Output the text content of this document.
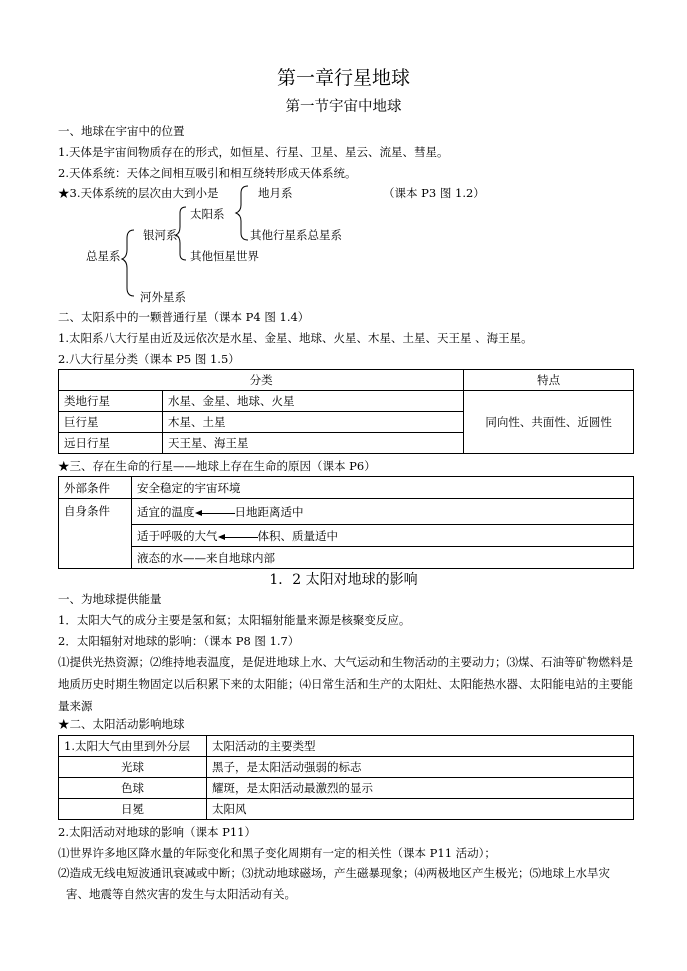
第一章行星地球
第一节宇宙中地球
一、地球在宇宙中的位置
1.天体是宇宙间物质存在的形式，如恒星、行星、卫星、星云、流星、彗星。
2.天体系统：天体之间相互吸引和相互绕转形成天体系统。
★3.天体系统的层次由大到小是	地月系	（课本 P3 图 1.2）
太阳系
银河系	其他行星系总星系
其他恒星世界
总星系
河外星系
二、太阳系中的一颗普通行星（课本 P4 图 1.4）
1.太阳系八大行星由近及远依次是水星、金星、地球、火星、木星、土星、天王星 、海王星。
2.八大行星分类（课本 P5 图 1.5）
分类		特点
类地行星	水星、金星、地球、火星	同向性、共面性、近圆性
巨行星	木星、土星	
远日行星	天王星、海王星	
★三、存在生命的行星——地球上存在生命的原因（课本 P6）
外部条件	安全稳定的宇宙环境
自身条件	适宜的温度 日地距离适中
	适于呼吸的大气 体积、质量适中
	液态的水——来自地球内部
1．2 太阳对地球的影响
一、为地球提供能量
1．太阳大气的成分主要是氢和氦；太阳辐射能量来源是核聚变反应。
2．太阳辐射对地球的影响：（课本 P8 图 1.7）
⑴提供光热资源；⑵维持地表温度，是促进地球上水、大气运动和生物活动的主要动力；⑶煤、石油等矿物燃料是地质历史时期生物固定以后积累下来的太阳能；⑷日常生活和生产的太阳灶、太阳能热水器、太阳能电站的主要能量来源
★二、太阳活动影响地球
1.太阳大气由里到外分层	太阳活动的主要类型
光球	黑子，是太阳活动强弱的标志
色球	耀斑，是太阳活动最激烈的显示
日冕	太阳风
2.太阳活动对地球的影响（课本 P11）
⑴世界许多地区降水量的年际变化和黑子变化周期有一定的相关性（课本 P11 活动）；
⑵造成无线电短波通讯衰减或中断；⑶扰动地球磁场，产生磁暴现象；⑷两极地区产生极光；⑸地球上水旱灾
害、地震等自然灾害的发生与太阳活动有关。
